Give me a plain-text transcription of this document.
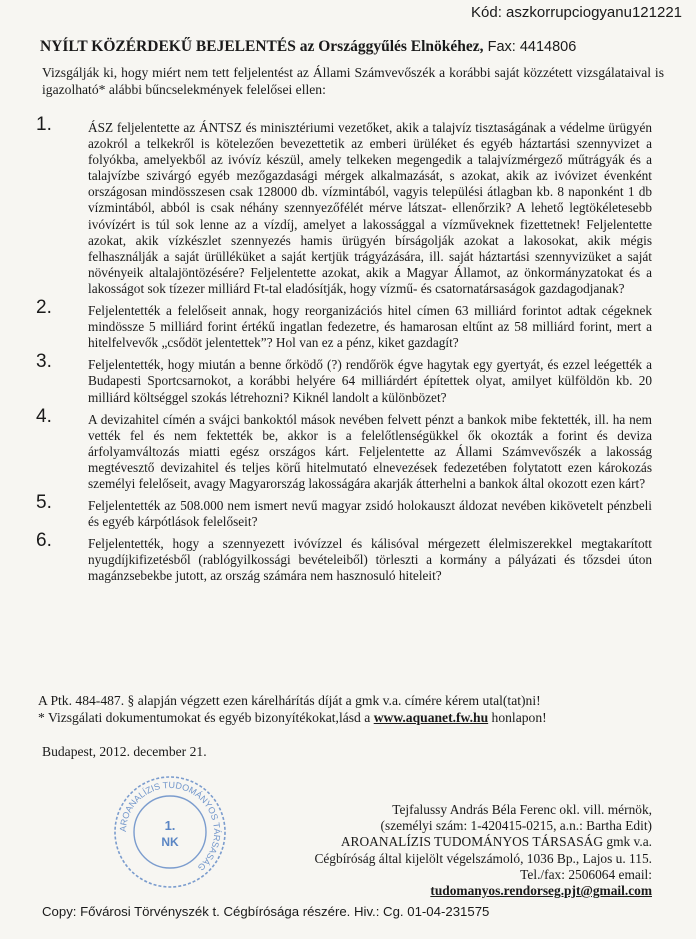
Kód: aszkorrupciogyanu121221
NYÍLT KÖZÉRDEKŰ BEJELENTÉS az Országgyűlés Elnökéhez, Fax: 4414806
Vizsgálják ki, hogy miért nem tett feljelentést az Állami Számvevőszék a korábbi saját közzétett vizsgálataival is igazolható* alábbi bűncselekmények felelősei ellen:
1.	ÁSZ feljelentette az ÁNTSZ és minisztériumi vezetőket, akik a talajvíz tisztaságának a védelme ürügyén azokról a telkekről is kötelezően bevezettetik az emberi ürüléket és egyéb háztartási szennyvizet a folyókba, amelyekből az ivóvíz készül, amely telkeken megengedik a talajvízmérgező műtrágyák és a talajvízbe szivárgó egyéb mezőgazdasági mérgek alkalmazását, s azokat, akik az ivóvizet évenként országosan mindösszesen csak 128000 db. vízmintából, vagyis települési átlagban kb. 8 naponként 1 db vízmintából, abból is csak néhány szennyezőfélét mérve látszat- ellenőrzik? A lehető legtökéletesebb ivóvízért is túl sok lenne az a vízdíj, amelyet a lakossággal a vízműveknek fizettetnek! Feljelentette azokat, akik vízkészlet szennyezés hamis ürügyén bírságolják azokat a lakosokat, akik mégis felhasználják a saját ürülléküket a saját kertjük trágyázására, ill. saját háztartási szennyvizüket a saját növényeik altalajöntözésére? Feljelentette azokat, akik a Magyar Államot, az önkormányzatokat és a lakosságot sok tízezer milliárd Ft-tal eladósítják, hogy vízmű- és csatornatársaságok gazdagodjanak?
2.	Feljelentették a felelőseit annak, hogy reorganizációs hitel címen 63 milliárd forintot adtak cégeknek mindössze 5 milliárd forint értékű ingatlan fedezetre, és hamarosan eltűnt az 58 milliárd forint, mert a hitelfelvevők „csődöt jelentettek”? Hol van ez a pénz, kiket gazdagít?
3.	Feljelentették, hogy miután a benne őrködő (?) rendőrök égve hagytak egy gyertyát, és ezzel leégették a Budapesti Sportcsarnokot, a korábbi helyére 64 milliárdért építettek olyat, amilyet külföldön kb. 20 milliárd költséggel szokás létrehozni? Kiknél landolt a különbözet?
4.	A devizahitel címén a svájci bankoktól mások nevében felvett pénzt a bankok mibe fektették, ill. ha nem vették fel és nem fektették be, akkor is a felelőtlenségükkel ők okozták a forint és deviza árfolyamváltozás miatti egész országos kárt. Feljelentette az Állami Számvevőszék a lakosság megtévesztő devizahitel és teljes körű hitelmutató elnevezések fedezetében folytatott ezen károkozás személyi felelőseit, avagy Magyarország lakosságára akarják átterhelni a bankok által okozott ezen kárt?
5.	Feljelentették az 508.000 nem ismert nevű magyar zsidó holokauszt áldozat nevében kikövetelt pénzbeli és egyéb kárpótlások felelőseit?
6.	Feljelentették, hogy a szennyezett ivóvízzel és kálisóval mérgezett élelmiszerekkel megtakarított nyugdíjkifizetésből (rablógyilkossági bevételeiből) törleszti a kormány a pályázati és tőzsdei úton magánzsebekbe jutott, az ország számára nem hasznosuló hiteleit?
A Ptk. 484-487. § alapján végzett ezen kárelhárítás díját a gmk v.a. címére kérem utal(tat)ni!
* Vizsgálati dokumentumokat és egyéb bizonyítékokat,lásd a www.aquanet.fw.hu honlapon!
Budapest, 2012. december 21.
AROANALÍZIS TUDOMÁNYOS TÁRSASÁG
1.
NK
Tejfalussy András Béla Ferenc okl. vill. mérnök,
(személyi szám: 1-420415-0215, a.n.: Bartha Edit)
AROANALÍZIS TUDOMÁNYOS TÁRSASÁG gmk v.a.
Cégbíróság által kijelölt végelszámoló, 1036 Bp., Lajos u. 115.
Tel./fax: 2506064 email: tudomanyos.rendorseg.pjt@gmail.com
Copy: Fővárosi Törvényszék t. Cégbírósága részére. Hiv.: Cg. 01-04-231575
